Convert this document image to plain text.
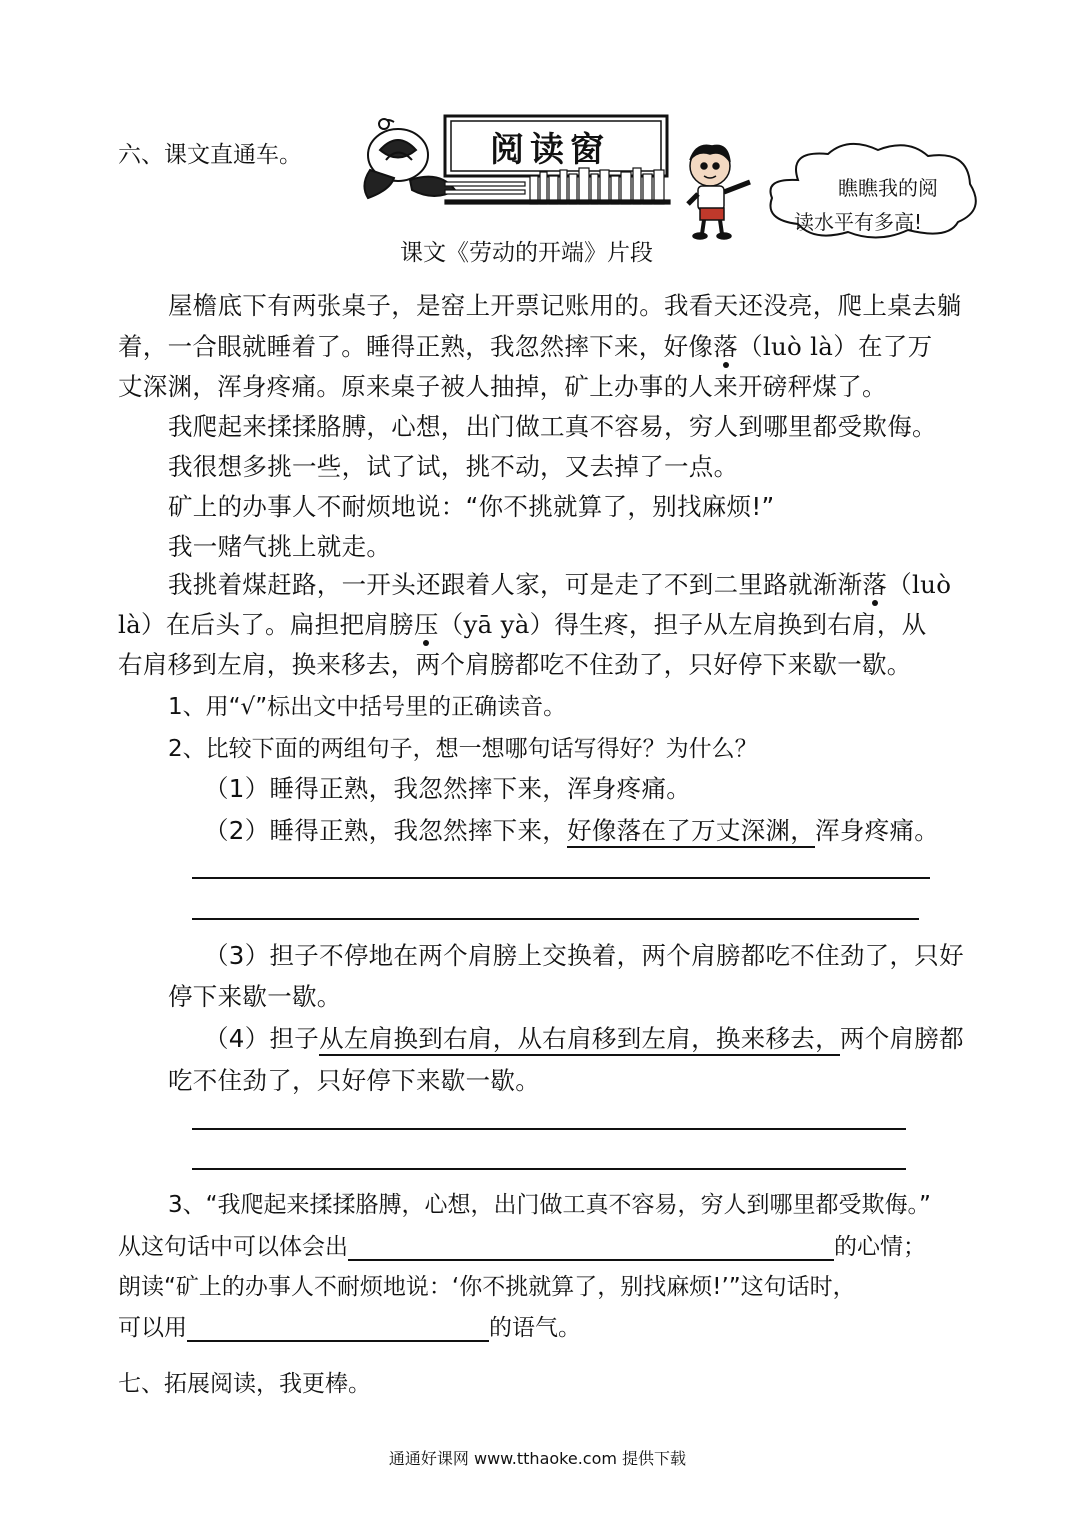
六、课文直通车。	阅读窗
瞧瞧我的阅
读水平有多高!
课文《劳动的开端》片段
屋檐底下有两张桌子，是窑上开票记账用的。我看天还没亮，爬上桌去躺
着，一合眼就睡着了。睡得正熟，我忽然摔下来，好像落（luò là）在了万
丈深渊，浑身疼痛。原来桌子被人抽掉，矿上办事的人来开磅秤煤了。
我爬起来揉揉胳膊，心想，出门做工真不容易，穷人到哪里都受欺侮。
我很想多挑一些，试了试，挑不动，又去掉了一点。
矿上的办事人不耐烦地说：“你不挑就算了，别找麻烦!”
我一赌气挑上就走。
我挑着煤赶路，一开头还跟着人家，可是走了不到二里路就渐渐落（luò
là）在后头了。扁担把肩膀压（yā yà）得生疼，担子从左肩换到右肩，从
右肩移到左肩，换来移去，两个肩膀都吃不住劲了，只好停下来歇一歇。
1、用“√”标出文中括号里的正确读音。
2、比较下面的两组句子，想一想哪句话写得好？为什么？
（1）睡得正熟，我忽然摔下来，浑身疼痛。
（2）睡得正熟，我忽然摔下来，好像落在了万丈深渊，浑身疼痛。
（3）担子不停地在两个肩膀上交换着，两个肩膀都吃不住劲了，只好
停下来歇一歇。
（4）担子从左肩换到右肩，从右肩移到左肩，换来移去，两个肩膀都
吃不住劲了，只好停下来歇一歇。
3、“我爬起来揉揉胳膊，心想，出门做工真不容易，穷人到哪里都受欺侮。”
从这句话中可以体会出	的心情；
朗读“矿上的办事人不耐烦地说：‘你不挑就算了，别找麻烦!’”这句话时，
可以用	的语气。
七、拓展阅读，我更棒。
通通好课网 www.tthaoke.com 提供下载
